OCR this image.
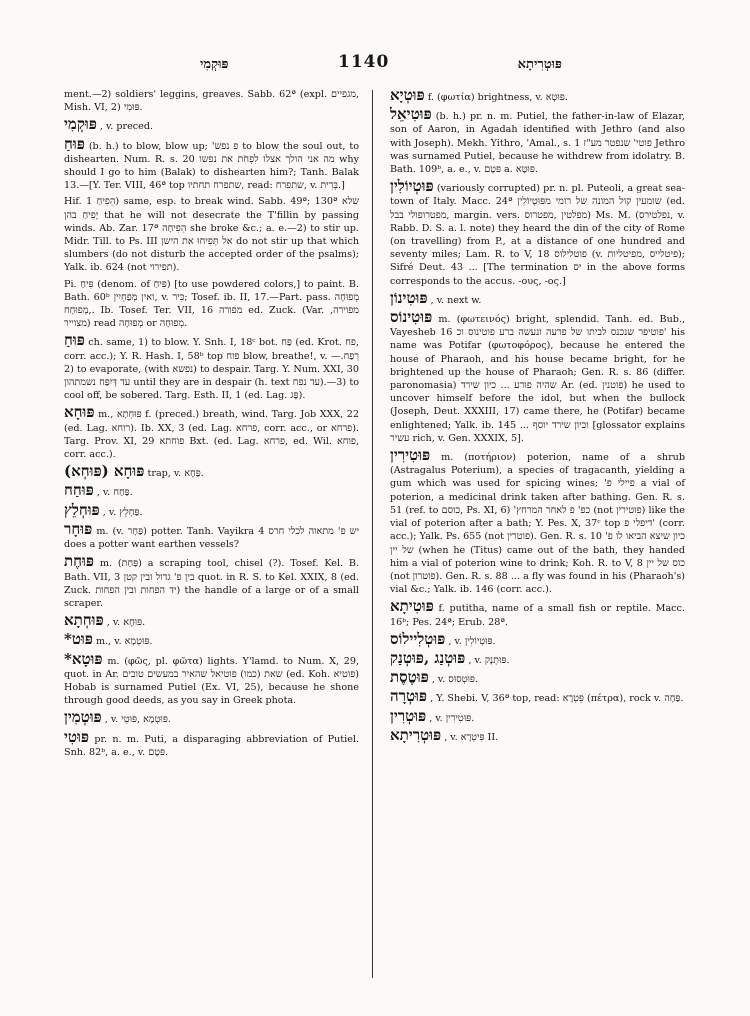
פּוּקְמִי	1140	פּוּטְרִיתָא
ment.—2) soldiers' leggins, greaves. Sabb. 62ª (expl. מגפיים, Mish. VI, 2) פּוּמִי.
פּוּקְמִי , v. preced.
פּוּחַ (b. h.) to blow, blow up; 'פ נפש to blow the soul out, to dishearten. Num. R. s. 20 מה אני הולך אצלו לִפְחֹת את נפשו why should I go to him (Balak) to dishearten him?; Tanh. Balak 13.—[Y. Ter. VIII, 46ª top שתפרח תחתיו, read: שתפרח, v. בְּרִית.]
Hif. הֵפִיחַ 1) same, esp. to break wind. Sabb. 49ª; 130ª שלא יָפִיחַ בהן that he will not desecrate the T'fillin by passing winds. Ab. Zar. 17ª הֵפִיחָה she broke &c.; a. e.—2) to stir up. Midr. Till. to Ps. III אל תְּפִיחוּ את הישן do not stir up that which slumbers (do not disturb the accepted order of the psalms); Yalk. ib. 624 (not תפירוי).
Pi. פִּיחַ (denom. of פִּיחַ) [to use powdered colors,] to paint. B. Bath. 60ᵇ ואין מְפַחְיִין, v. כִּיר; Tosef. ib. II, 17.—Part. pass. מְפוּחָה ,מְפוּחָח. Ib. Tosef. Ter. VII, 16 מפורה ed. Zuck. (Var. מפוירה, מצוייר) read מְפוּחָה or מְפוּחָה.
פּוּחַ ch. same, 1) to blow. Y. Snh. I, 18ᶜ bot. פַּח (ed. Krot. פח, corr. acc.); Y. R. Hash. I, 58ᵇ top פוח blow, breathe!, v. רְפַח.—2) to evaporate, (with נפשא) to despair. Targ. Y. Num. XXI, 30 עד דְּיִפַּח נשמתהון until they are in despair (h. text עד נפח).—3) to cool off, be sobered. Targ. Esth. II, 1 (ed. Lag. פָּג).
פּוּחָא m., פּוּחְתָא f. (preced.) breath, wind. Targ. Job XXX, 22 (ed. Lag. רוחא). Ib. XX, 3 (ed. Lag. פרחא, corr. acc., or פרחא). Targ. Prov. XI, 29 פוחתא Bxt. (ed. Lag. פרחא, ed. Wil. פוחא, corr. acc.).
פּוּחָא (פּוּחְא) trap, v. פַּחָא.
פּוּחַח , v. פַּחַח.
פּוּחְלֵץ , v. פַּחְלֵץ.
פּוּחָר m. (v. פַּחָר) potter. Tanh. Vayikra 4 יש פ' מתאוה לכלי חרס does a potter want earthen vessels?
פּוּחֶת m. (פַּחַת) a scraping tool, chisel (?). Tosef. Kel. B. Bath. VII, 3 בין פ' גדול ובין קטן quot. in R. S. to Kel. XXIX, 8 (ed. Zuck. יד הפחות ובין הפחות) the handle of a large or of a small scraper.
פּוּחְתָא , v. פּוּחָא.
*פּוּט m., v. פּוּטְמָא.
*פּוּטָא m. (φῶς, pl. φῶτα) lights. Y'lamd. to Num. X, 29, quot. in Ar. שאת (כמו) פוטיאל שהאיר במעשים טובים (ed. Koh. פוטיא) Hobab is surnamed Putiel (Ex. VI, 25), because he shone through good deeds, as you say in Greek phota.
פּוּטְמִין , v. פּוּטְמָא ,פּוּטֵי.
פּוּטִי pr. n. m. Puti, a disparaging abbreviation of Putiel. Snh. 82ᵇ, a. e., v. פּטָם.
פּוּטְיָא f. (φωτία) brightness, v. פּוּטָא.
פּוּטִיאֵל (b. h.) pr. n. m. Putiel, the father-in-law of Elazar, son of Aaron, in Agadah identified with Jethro (and also with Joseph). Mekh. Yithro, 'Amal., s. 1 פוטי' שנפטר מע"ז Jethro was surnamed Putiel, because he withdrew from idolatry. B. Bath. 109ᵇ, a. e., v. פּטָם a. פּוּטָא.
פּוּטְיוֹלִין (variously corrupted) pr. n. pl. Puteoli, a great sea-town of Italy. Macc. 24ª שומעין קול המונה של רומי מפּוּטְיוֹלִין (ed. מפטרופולי בבל, margin. vers. מפלטין ,מפטרוס) Ms. M. (נפלטירס, v. Rabb. D. S. a. l. note) they heard the din of the city of Rome (on travelling) from P., at a distance of one hundred and seventy miles; Lam. R. to V, 18 פוטלילוס (v. פיטלייס ,מפיטליות); Sifré Deut. 43 ... [The termination יס in the above forms corresponds to the accus. -ους, -ος.]
פּוּטִינוֹן , v. next w.
פּוּטִינוֹס m. (φωτεινός) bright, splendid. Tanh. ed. Bub., Vayesheb 16 פוטיפר שנכנס לביתו של פרעה ונעשה ברע פוטינוס וכ' his name was Potifar (φωτοφόρος), because he entered the house of Pharaoh, and his house became bright, for he brightened up the house of Pharaoh; Gen. R. s. 86 (differ. paronomasia) שהיה פורע ... כיון שירד Ar. (ed. פוטנין) he used to uncover himself before the idol, but when the bullock (Joseph, Deut. XXXIII, 17) came there, he (Potifar) became enlightened; Yalk. ib. 145 ... וכיון שירד יוסף [glossator explains עשיר rich, v. Gen. XXXIX, 5].
פּוּטִירִין m. (ποτήριον) poterion, name of a shrub (Astragalus Poterium), a species of tragacanth, yielding a gum which was used for spicing wines; 'פיילי פ a vial of poterion, a medicinal drink taken after bathing. Gen. R. s. 51 (ref. to כוסם, Ps. XI, 6) 'כפ' פ לאחר המרחץ (not פוטירין) like the vial of poterion after a bath; Y. Pes. X, 37ᶜ top דיפלי פ' (corr. acc.); Yalk. Ps. 655 (not פוטרין). Gen. R. s. 10 כיון שיצא הביאו לו פ' של יין (when he (Titus) came out of the bath, they handed him a vial of poterion wine to drink; Koh. R. to V, 8 כוס של יין (not פוטרון). Gen. R. s. 88 ... a fly was found in his (Pharaoh's) vial &c.; Yalk. ib. 146 (corr. acc.).
פּוּטִיתָא f. putitha, name of a small fish or reptile. Macc. 16ᵇ; Pes. 24ª; Erub. 28ª.
פּוּטְלִיילוֹס , v. פּוּטְיוֹלִין.
פּוּטְנַג ,פּוּטְנַק , v. פּוּתְנָק.
פּוּטֶסֶת , v. פּוּטְסוּס.
פּוּטְרָה , Y. Shebi. V, 36ª top, read: פֵּטְרָא (πέτρα), rock v. פַּחָה.
פּוּטְרִין , v. פּוּטִירִין.
פּוּטְרִיתָא , v. פִּיטְרָא II.
